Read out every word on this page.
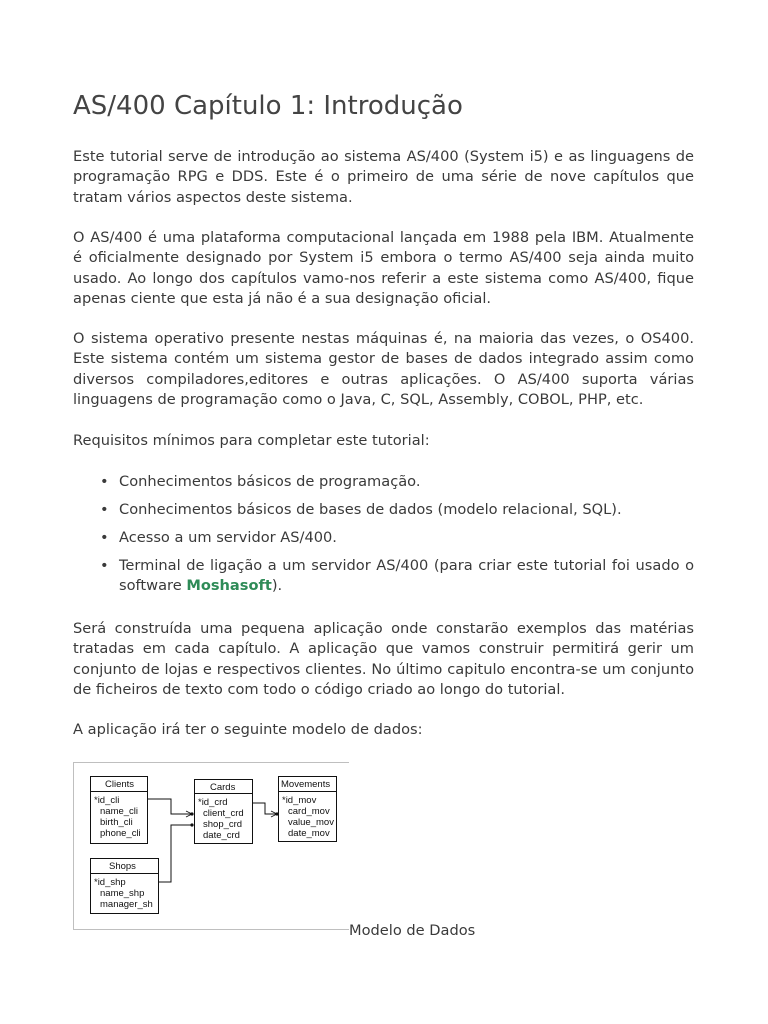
AS/400 Capítulo 1: Introdução

Este tutorial serve de introdução ao sistema AS/400 (System i5) e as linguagens de programação RPG e DDS. Este é o primeiro de uma série de nove capítulos que tratam vários aspectos deste sistema.

O AS/400 é uma plataforma computacional lançada em 1988 pela IBM. Atualmente é oficialmente designado por System i5 embora o termo AS/400 seja ainda muito usado. Ao longo dos capítulos vamo-nos referir a este sistema como AS/400, fique apenas ciente que esta já não é a sua designação oficial.

O sistema operativo presente nestas máquinas é, na maioria das vezes, o OS400. Este sistema contém um sistema gestor de bases de dados integrado assim como diversos compiladores,editores e outras aplicações. O AS/400 suporta várias linguagens de programação como o Java, C, SQL, Assembly, COBOL, PHP, etc.

Requisitos mínimos para completar este tutorial:

• Conhecimentos básicos de programação.
• Conhecimentos básicos de bases de dados (modelo relacional, SQL).
• Acesso a um servidor AS/400.
• Terminal de ligação a um servidor AS/400 (para criar este tutorial foi usado o software Moshasoft).

Será construída uma pequena aplicação onde constarão exemplos das matérias tratadas em cada capítulo. A aplicação que vamos construir permitirá gerir um conjunto de lojas e respectivos clientes. No último capitulo encontra-se um conjunto de ficheiros de texto com todo o código criado ao longo do tutorial.

A aplicação irá ter o seguinte modelo de dados:

Clients
*id_cli
name_cli
birth_cli
phone_cli
Cards
*id_crd
client_crd
shop_crd
date_crd
Movements
*id_mov
card_mov
value_mov
date_mov
Shops
*id_shp
name_shp
manager_sh
Modelo de Dados
